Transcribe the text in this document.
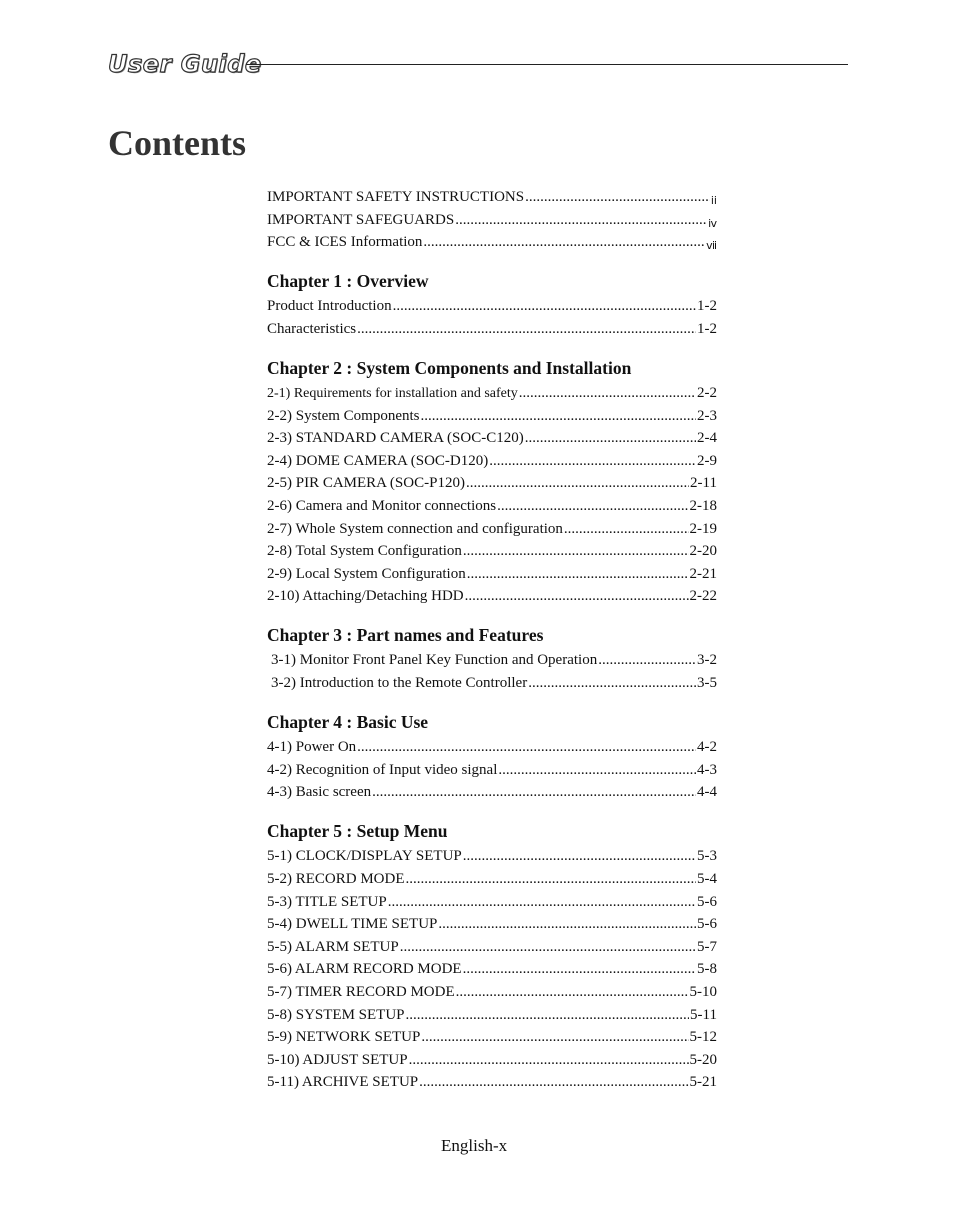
User Guide
Contents
IMPORTANT SAFETY INSTRUCTIONS .....	ⅰⅰ
IMPORTANT SAFEGUARDS .....	ⅳ
FCC & ICES Information .....	ⅶ
Chapter 1 : Overview
Product Introduction .....	1-2
Characteristics .....	1-2
Chapter 2 : System Components and Installation
2-1) Requirements for installation and safety .....	2-2
2-2) System Components .....	2-3
2-3) STANDARD CAMERA (SOC-C120) .....	2-4
2-4) DOME CAMERA (SOC-D120) .....	2-9
2-5) PIR CAMERA (SOC-P120) .....	2-11
2-6) Camera and Monitor connections .....	2-18
2-7) Whole System connection and configuration .....	2-19
2-8) Total System Configuration .....	2-20
2-9) Local System Configuration .....	2-21
2-10) Attaching/Detaching HDD .....	2-22
Chapter 3 : Part names and Features
3-1) Monitor Front Panel Key Function and Operation .....	3-2
3-2) Introduction to the Remote Controller .....	3-5
Chapter 4 : Basic Use
4-1) Power On .....	4-2
4-2) Recognition of Input video signal .....	4-3
4-3) Basic screen .....	4-4
Chapter 5 : Setup Menu
5-1) CLOCK/DISPLAY SETUP .....	5-3
5-2) RECORD MODE .....	5-4
5-3) TITLE SETUP .....	5-6
5-4) DWELL TIME SETUP .....	5-6
5-5) ALARM SETUP .....	5-7
5-6) ALARM RECORD MODE .....	5-8
5-7) TIMER RECORD MODE .....	5-10
5-8) SYSTEM SETUP .....	5-11
5-9) NETWORK SETUP .....	5-12
5-10) ADJUST SETUP .....	5-20
5-11) ARCHIVE SETUP .....	5-21
English-x
